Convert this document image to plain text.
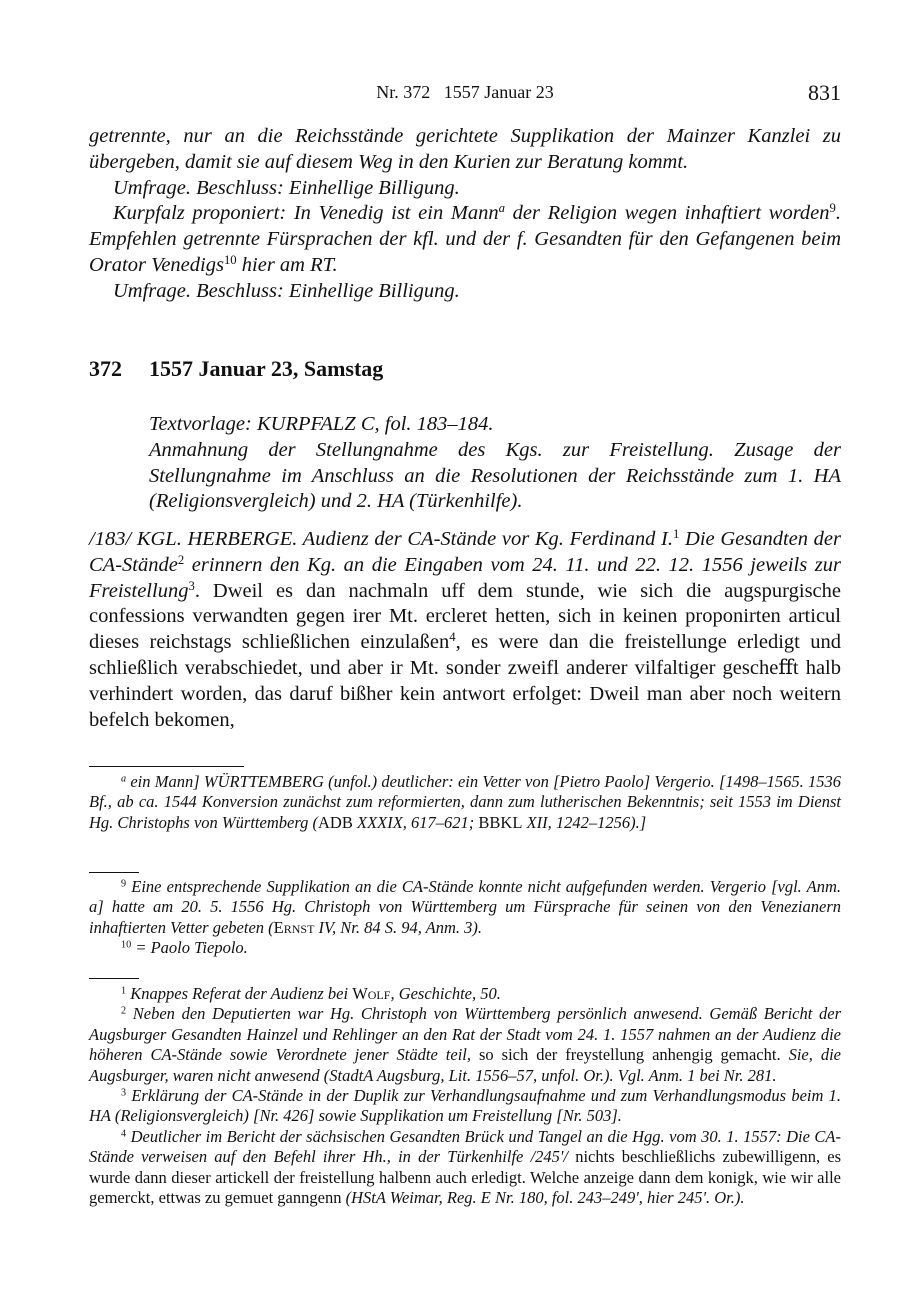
Nr. 372   1557 Januar 23	831

getrennte, nur an die Reichsstände gerichtete Supplikation der Mainzer Kanzlei zu übergeben, damit sie auf diesem Weg in den Kurien zur Beratung kommt.

Umfrage. Beschluss: Einhellige Billigung.

Kurpfalz proponiert: In Venedig ist ein Mann$^a$ der Religion wegen inhaftiert worden$^9$. Empfehlen getrennte Fürsprachen der kfl. und der f. Gesandten für den Gefangenen beim Orator Venedigs$^{10}$ hier am RT.

Umfrage. Beschluss: Einhellige Billigung.

372 1557 Januar 23, Samstag

Textvorlage: KURPFALZ C, fol. 183–184.

Anmahnung der Stellungnahme des Kgs. zur Freistellung. Zusage der Stellungnahme im Anschluss an die Resolutionen der Reichsstände zum 1. HA (Religionsvergleich) und 2. HA (Türkenhilfe).

/183/ KGL. HERBERGE. Audienz der CA-Stände vor Kg. Ferdinand I.$^1$ Die Gesandten der CA-Stände$^2$ erinnern den Kg. an die Eingaben vom 24. 11. und 22. 12. 1556 jeweils zur Freistellung$^3$. Dweil es dan nachmaln uff dem stunde, wie sich die augspurgische confessions verwandten gegen irer Mt. ercleret hetten, sich in keinen proponirten articul dieses reichstags schließlichen einzulaßen$^4$, es were dan die freistellunge erledigt und schließlich verabschiedet, und aber ir Mt. sonder zweifl anderer vilfaltiger gescheﬀt halb verhindert worden, das daruf bißher kein antwort erfolget: Dweil man aber noch weitern befelch bekomen,

$^a$ ein Mann] WÜRTTEMBERG (unfol.) deutlicher: ein Vetter von [Pietro Paolo] Vergerio. [1498–1565. 1536 Bf., ab ca. 1544 Konversion zunächst zum reformierten, dann zum lutherischen Bekenntnis; seit 1553 im Dienst Hg. Christophs von Württemberg (ADB XXXIX, 617–621; BBKL XII, 1242–1256).]

$^9$ Eine entsprechende Supplikation an die CA-Stände konnte nicht aufgefunden werden. Vergerio [vgl. Anm. a] hatte am 20. 5. 1556 Hg. Christoph von Württemberg um Fürsprache für seinen von den Venezianern inhaftierten Vetter gebeten (Ernst IV, Nr. 84 S. 94, Anm. 3).

$^{10}$ = Paolo Tiepolo.

$^1$ Knappes Referat der Audienz bei Wolf, Geschichte, 50.

$^2$ Neben den Deputierten war Hg. Christoph von Württemberg persönlich anwesend. Gemäß Bericht der Augsburger Gesandten Hainzel und Rehlinger an den Rat der Stadt vom 24. 1. 1557 nahmen an der Audienz die höheren CA-Stände sowie Verordnete jener Städte teil, so sich der freystellung anhengig gemacht. Sie, die Augsburger, waren nicht anwesend (StadtA Augsburg, Lit. 1556–57, unfol. Or.). Vgl. Anm. 1 bei Nr. 281.

$^3$ Erklärung der CA-Stände in der Duplik zur Verhandlungsaufnahme und zum Verhandlungsmodus beim 1. HA (Religionsvergleich) [Nr. 426] sowie Supplikation um Freistellung [Nr. 503].

$^4$ Deutlicher im Bericht der sächsischen Gesandten Brück und Tangel an die Hgg. vom 30. 1. 1557: Die CA-Stände verweisen auf den Befehl ihrer Hh., in der Türkenhilfe /245'/ nichts beschließlichs zubewilligenn, es wurde dann dieser artickell der freistellung halbenn auch erledigt. Welche anzeige dann dem konigk, wie wir alle gemerckt, ettwas zu gemuet ganngenn (HStA Weimar, Reg. E Nr. 180, fol. 243–249', hier 245'. Or.).
